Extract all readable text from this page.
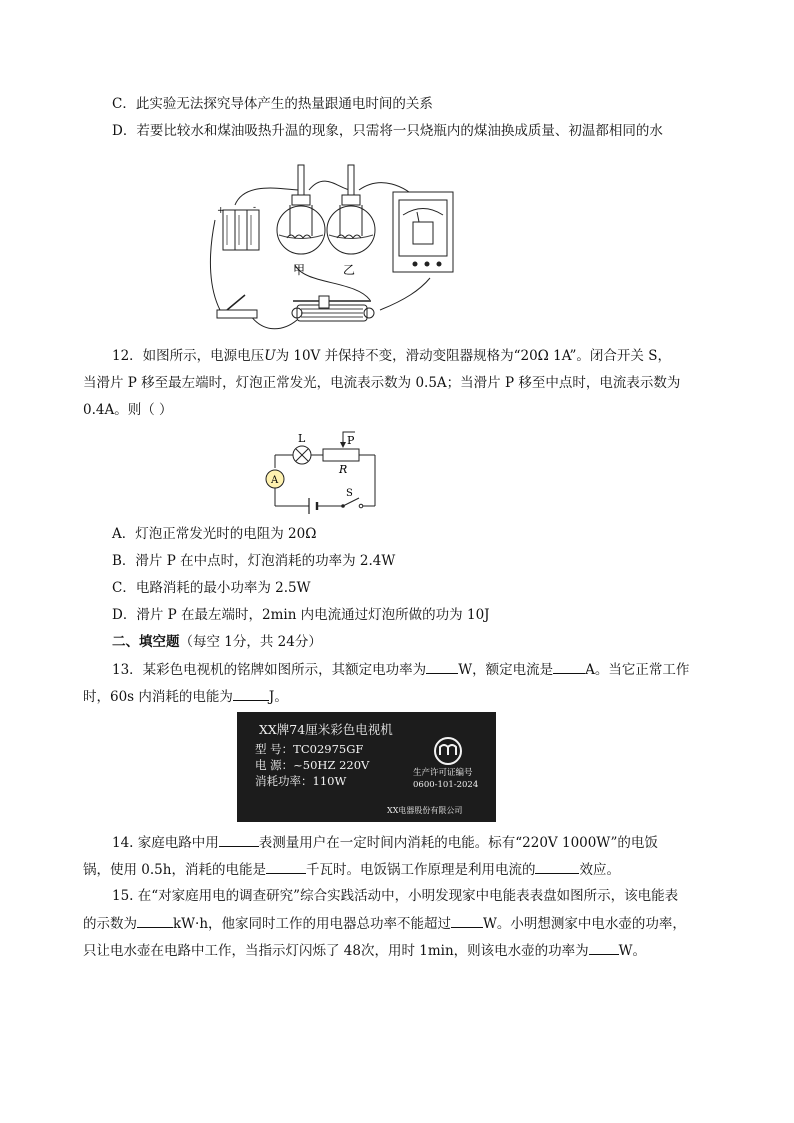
C．此实验无法探究导体产生的热量跟通电时间的关系
D．若要比较水和煤油吸热升温的现象，只需将一只烧瓶内的煤油换成质量、初温都相同的水
+	-
甲	乙
12．如图所示，电源电压U为 10V 并保持不变，滑动变阻器规格为“20Ω 1A”。闭合开关 S，
当滑片 P 移至最左端时，灯泡正常发光，电流表示数为 0.5A；当滑片 P 移至中点时，电流表示数为
0.4A。则（ ）
L
R
P
A
S
A．灯泡正常发光时的电阻为 20Ω
B．滑片 P 在中点时，灯泡消耗的功率为 2.4W
C．电路消耗的最小功率为 2.5W
D．滑片 P 在最左端时，2min 内电流通过灯泡所做的功为 10J
二、填空题（每空 1分，共 24分）
13．某彩色电视机的铭牌如图所示，其额定电功率为 W，额定电流是 A。当它正常工作
时，60s 内消耗的电能为	J。
XX牌74厘米彩色电视机
型 号：TC02975GF
电 源：~50HZ 220V
消耗功率：110W
生产许可证编号
0600-101-2024
XX电器股份有限公司
14. 家庭电路中用	表测量用户在一定时间内消耗的电能。标有“220V 1000W”的电饭
锅，使用 0.5h，消耗的电能是	千瓦时。电饭锅工作原理是利用电流的	效应。
15. 在“对家庭用电的调查研究”综合实践活动中，小明发现家中电能表表盘如图所示，该电能表
的示数为	kW·h，他家同时工作的用电器总功率不能超过 W。小明想测家中电水壶的功率，
只让电水壶在电路中工作，当指示灯闪烁了 48次，用时 1min，则该电水壶的功率为 W。
